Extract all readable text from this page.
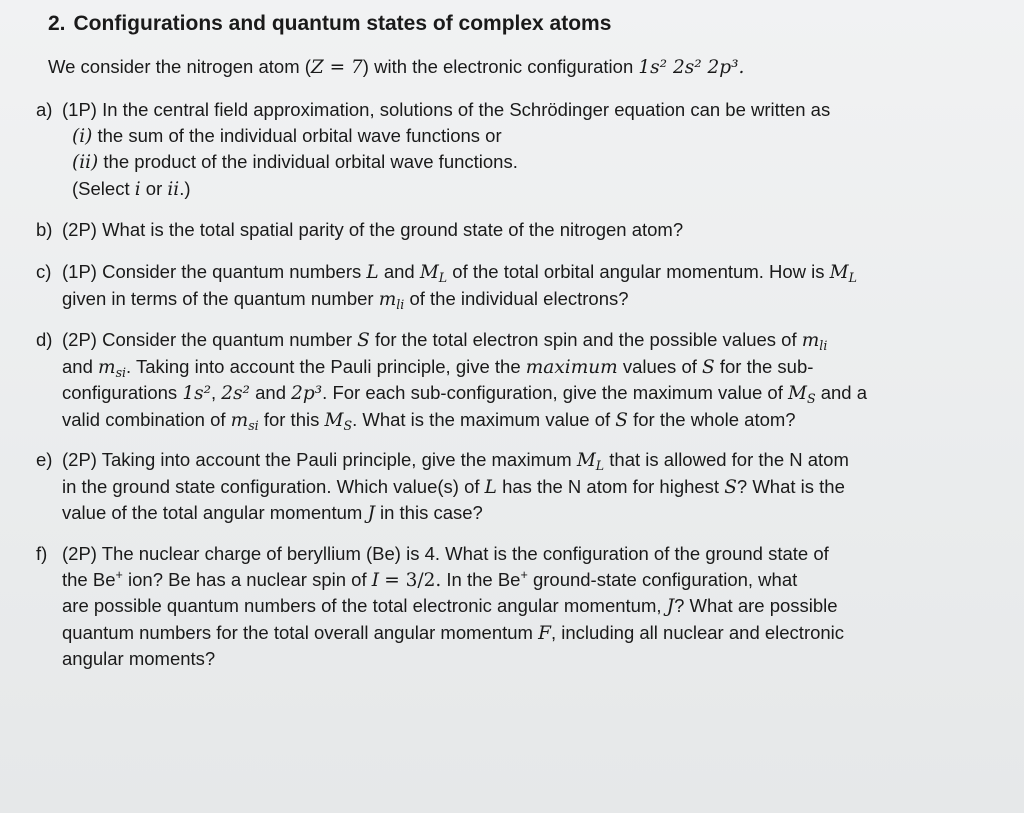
2. Configurations and quantum states of complex atoms
We consider the nitrogen atom (Z = 7) with the electronic configuration 1s² 2s² 2p³.
a) (1P) In the central field approximation, solutions of the Schrödinger equation can be written as
(i) the sum of the individual orbital wave functions or
(ii) the product of the individual orbital wave functions.
(Select i or ii.)
b) (2P) What is the total spatial parity of the ground state of the nitrogen atom?
c) (1P) Consider the quantum numbers L and $M_L$ of the total orbital angular momentum. How is $M_L$
given in terms of the quantum number $m_{li}$ of the individual electrons?
d) (2P) Consider the quantum number S for the total electron spin and the possible values of $m_{li}$
and $m_{si}$. Taking into account the Pauli principle, give the maximum values of S for the sub-
configurations 1s², 2s² and 2p³. For each sub-configuration, give the maximum value of $M_S$ and a
valid combination of $m_{si}$ for this $M_S$. What is the maximum value of S for the whole atom?
e) (2P) Taking into account the Pauli principle, give the maximum $M_L$ that is allowed for the N atom
in the ground state configuration. Which value(s) of L has the N atom for highest S? What is the
value of the total angular momentum J in this case?
f) (2P) The nuclear charge of beryllium (Be) is 4. What is the configuration of the ground state of
the Be+ ion? Be has a nuclear spin of I = 3/2. In the Be+ ground-state configuration, what
are possible quantum numbers of the total electronic angular momentum, J? What are possible
quantum numbers for the total overall angular momentum F, including all nuclear and electronic
angular moments?
